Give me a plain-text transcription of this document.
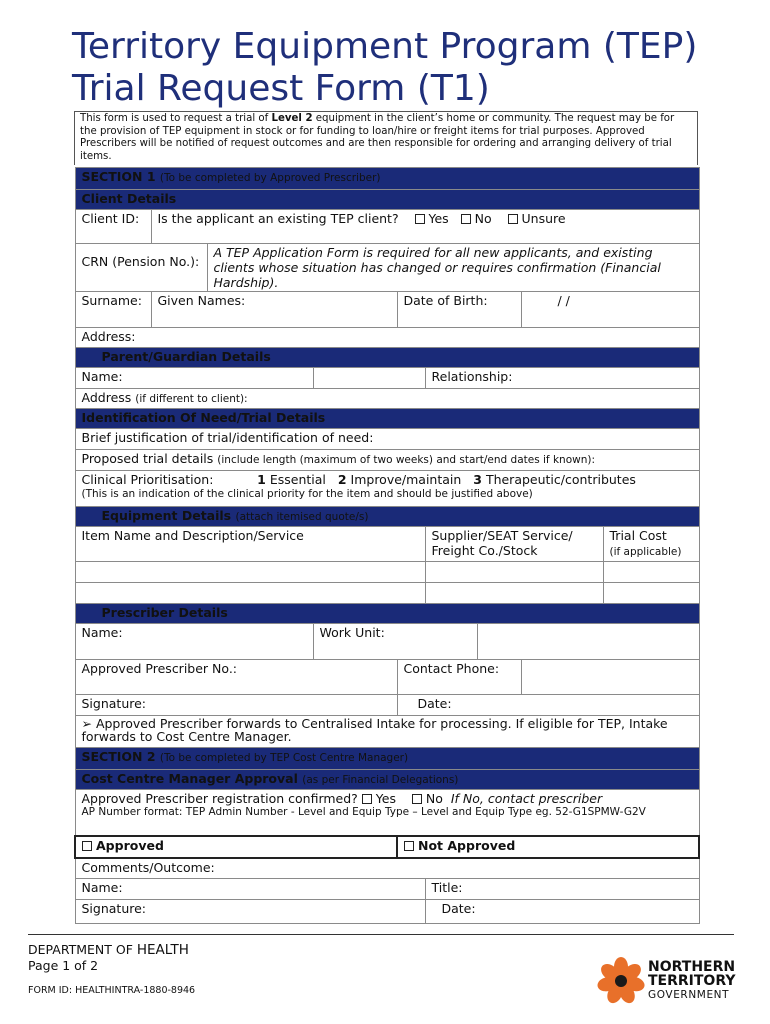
Territory Equipment Program (TEP) Trial Request Form (T1)
This form is used to request a trial of Level 2 equipment in the client’s home or community. The request may be for the provision of TEP equipment in stock or for funding to loan/hire or freight items for trial purposes. Approved Prescribers will be notified of request outcomes and are then responsible for ordering and arranging delivery of trial items.
SECTION 1 (To be completed by Approved Prescriber)								
Client Details								
Client ID:	Is the applicant an existing TEP client? Yes No Unsure							
CRN (Pension No.):		A TEP Application Form is required for all new applicants, and existing clients whose situation has changed or requires confirmation (Financial Hardship).						
Surname:	Given Names:			Date of Birth:			/ /	
Address:								
Parent/Guardian Details								
Name:					Relationship:			
Address (if different to client):								
Identification Of Need/Trial Details								
Brief justification of trial/identification of need:								
Proposed trial details (include length (maximum of two weeks) and start/end dates if known):								
Clinical Prioritisation: 1 Essential 2 Improve/maintain 3 Therapeutic/contributes
(This is an indication of the clinical priority for the item and should be justified above)								

Equipment Details (attach itemised quote/s)								
Item Name and Description/Service					Supplier/SEAT Service/ Freight Co./Stock			Trial Cost
(if applicable)

Prescriber Details								
Name:			Work Unit:					
Approved Prescriber No.:				Contact Phone:				
Signature:				Date:				
➢ Approved Prescriber forwards to Centralised Intake for processing. If eligible for TEP, Intake forwards to Cost Centre Manager.								
SECTION 2 (To be completed by TEP Cost Centre Manager)								
Cost Centre Manager Approval (as per Financial Delegations)								
Approved Prescriber registration confirmed? Yes No If No, contact prescriber
AP Number format: TEP Admin Number - Level and Equip Type – Level and Equip Type eg. 52-G1SPMW-G2V								

Approved				Not Approved				
Comments/Outcome:								
Name:					Title:			
Signature:					Date:			
DEPARTMENT OF HEALTH
Page 1 of 2
FORM ID: HEALTHINTRA-1880-8946
NORTHERN
TERRITORY
GOVERNMENT
